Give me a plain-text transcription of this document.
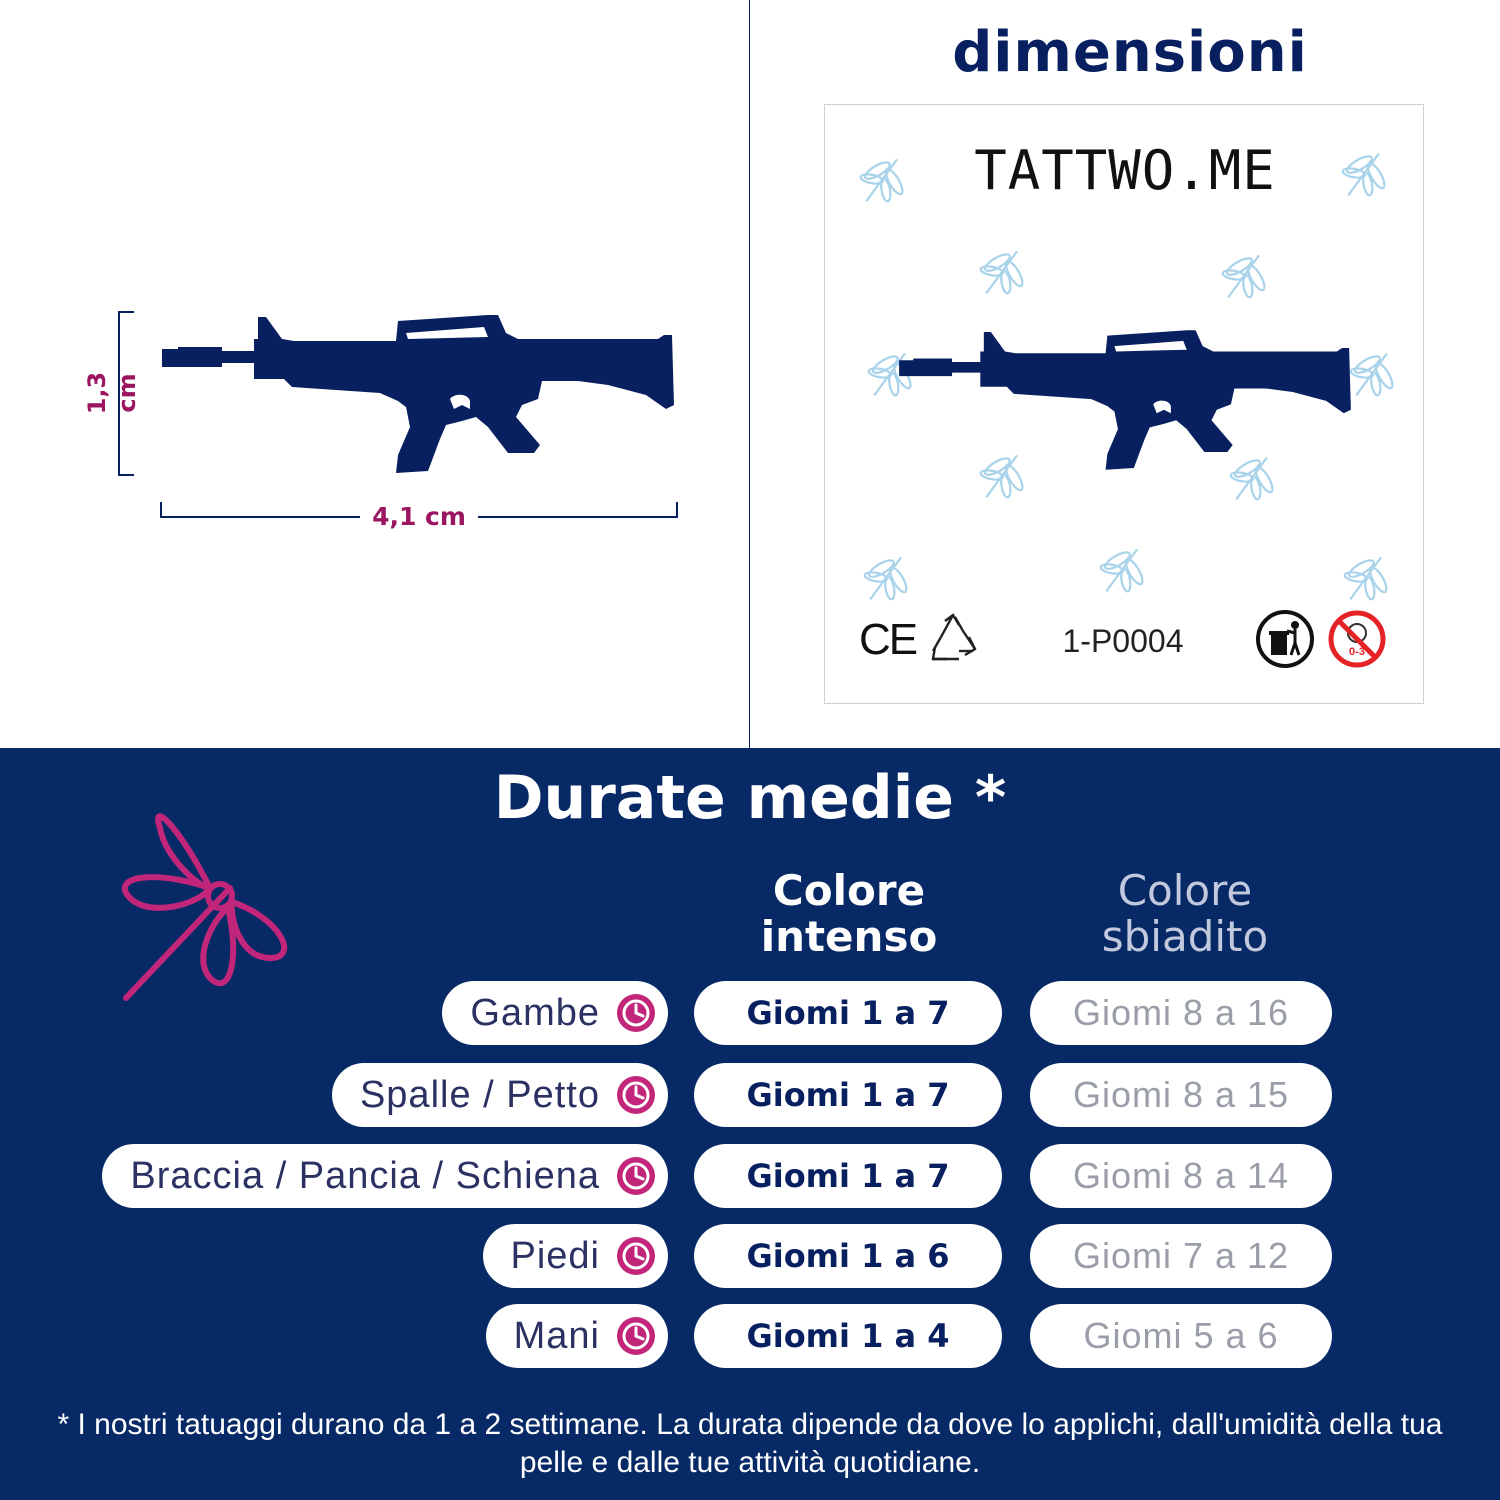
1,3 cm
4,1 cm
dimensioni
TATTWO.ME
CE	1-P0004	0-3
Durate medie *
Colore intenso
Colore sbiadito
Gambe	Giomi 1 a 7	Giomi 8 a 16
Spalle / Petto	Giomi 1 a 7	Giomi 8 a 15
Braccia / Pancia / Schiena	Giomi 1 a 7	Giomi 8 a 14
Piedi	Giomi 1 a 6	Giomi 7 a 12
Mani	Giomi 1 a 4	Giomi 5 a 6
* I nostri tatuaggi durano da 1 a 2 settimane. La durata dipende da dove lo applichi, dall'umidità della tua pelle e dalle tue attività quotidiane.
